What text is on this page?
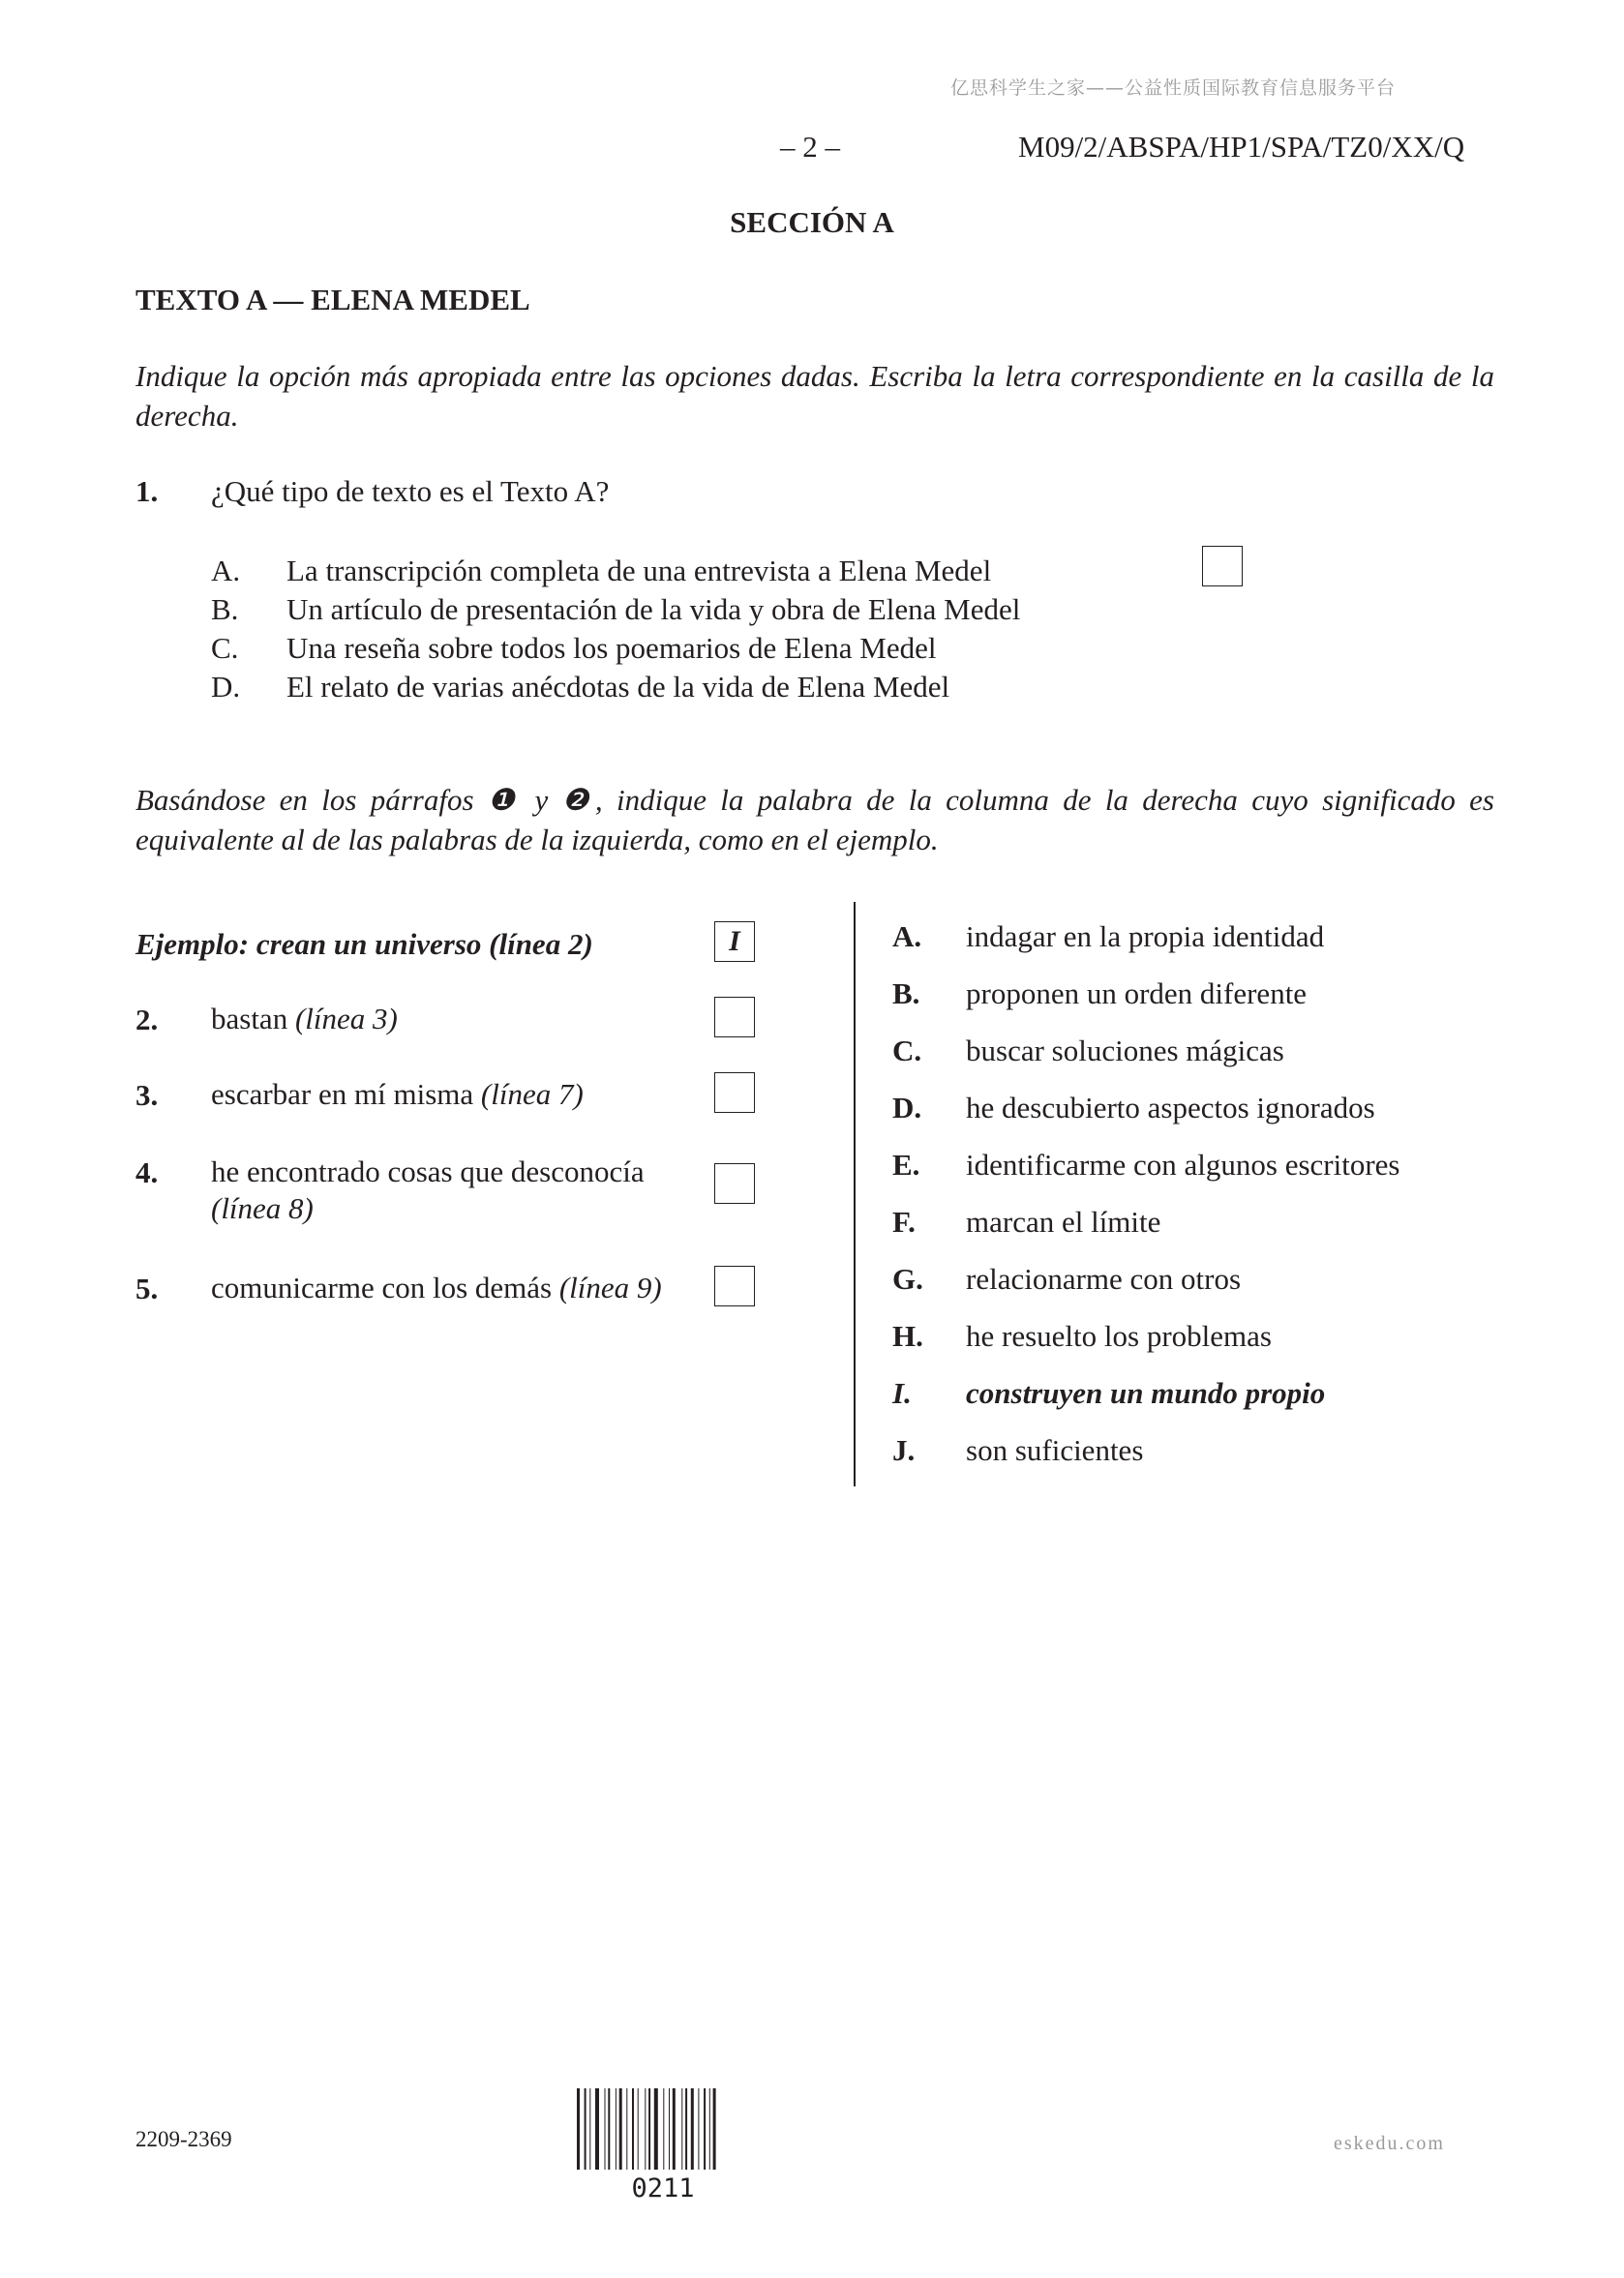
亿思科学生之家——公益性质国际教育信息服务平台
– 2 –	M09/2/ABSPA/HP1/SPA/TZ0/XX/Q
SECCIÓN A
TEXTO A — ELENA MEDEL
Indique la opción más apropiada entre las opciones dadas. Escriba la letra correspondiente en la casilla de la derecha.
1. ¿Qué tipo de texto es el Texto A?
A. La transcripción completa de una entrevista a Elena Medel
B. Un artículo de presentación de la vida y obra de Elena Medel
C. Una reseña sobre todos los poemarios de Elena Medel
D. El relato de varias anécdotas de la vida de Elena Medel
Basándose en los párrafos ❶ y ❷, indique la palabra de la columna de la derecha cuyo significado es equivalente al de las palabras de la izquierda, como en el ejemplo.
Ejemplo: crean un universo (línea 2)	I
2. bastan (línea 3)
3. escarbar en mí misma (línea 7)
4. he encontrado cosas que desconocía
(línea 8)
5. comunicarme con los demás (línea 9)
A. indagar en la propia identidad
B. proponen un orden diferente
C. buscar soluciones mágicas
D. he descubierto aspectos ignorados
E. identificarme con algunos escritores
F. marcan el límite
G. relacionarme con otros
H. he resuelto los problemas
I. construyen un mundo propio
J. son suficientes
2209-2369
0211
eskedu.com
